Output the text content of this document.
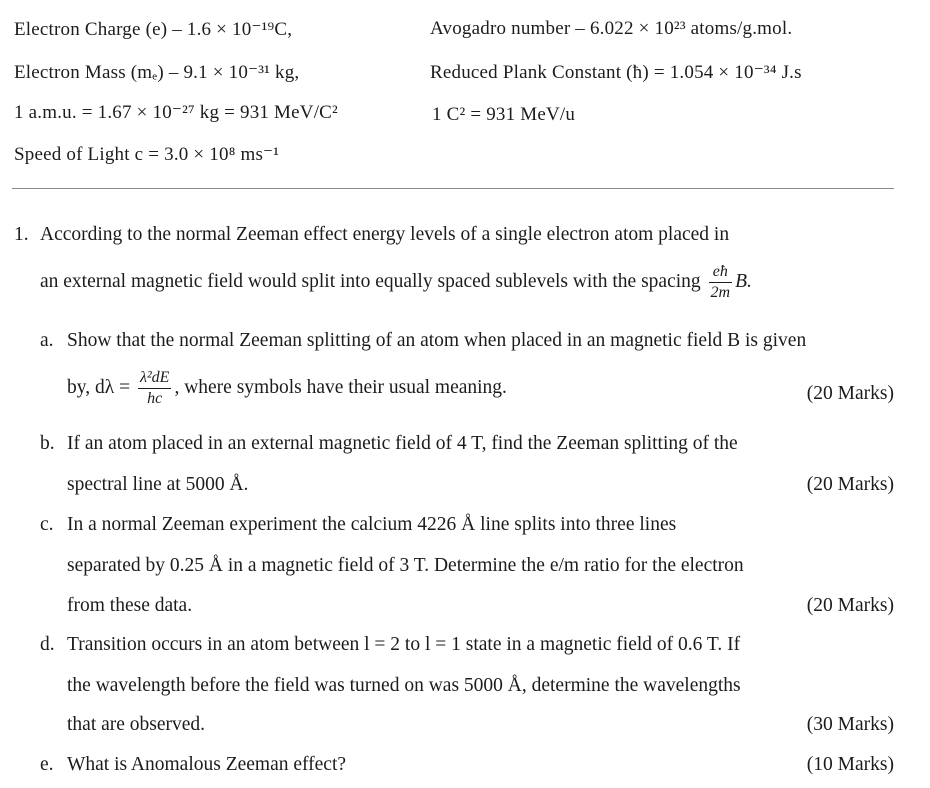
Electron Charge (e) – 1.6 × 10⁻¹⁹C,	Avogadro number – 6.022 × 10²³ atoms/g.mol.
Electron Mass (mₑ) – 9.1 × 10⁻³¹ kg,	Reduced Plank Constant (ħ) = 1.054 × 10⁻³⁴ J.s
1 a.m.u. = 1.67 × 10⁻²⁷ kg = 931 MeV/C²	1 C² = 931 MeV/u
Speed of Light c = 3.0 × 10⁸ ms⁻¹
1. According to the normal Zeeman effect energy levels of a single electron atom placed in
an external magnetic field would split into equally spaced sublevels with the spacing $\frac{eħ}{2m} B$.
a. Show that the normal Zeeman splitting of an atom when placed in an magnetic field B is given
by, $d\lambda = \frac{\text{λ²dE}}{hc}$ , where symbols have their usual meaning.	(20 Marks)
b. If an atom placed in an external magnetic field of 4 T, find the Zeeman splitting of the
spectral line at 5000 Å.	(20 Marks)
c. In a normal Zeeman experiment the calcium 4226 Å line splits into three lines
separated by 0.25 Å in a magnetic field of 3 T. Determine the e/m ratio for the electron
from these data.	(20 Marks)
d. Transition occurs in an atom between l = 2 to l = 1 state in a magnetic field of 0.6 T. If
the wavelength before the field was turned on was 5000 Å, determine the wavelengths
that are observed.	(30 Marks)
e. What is Anomalous Zeeman effect?	(10 Marks)
